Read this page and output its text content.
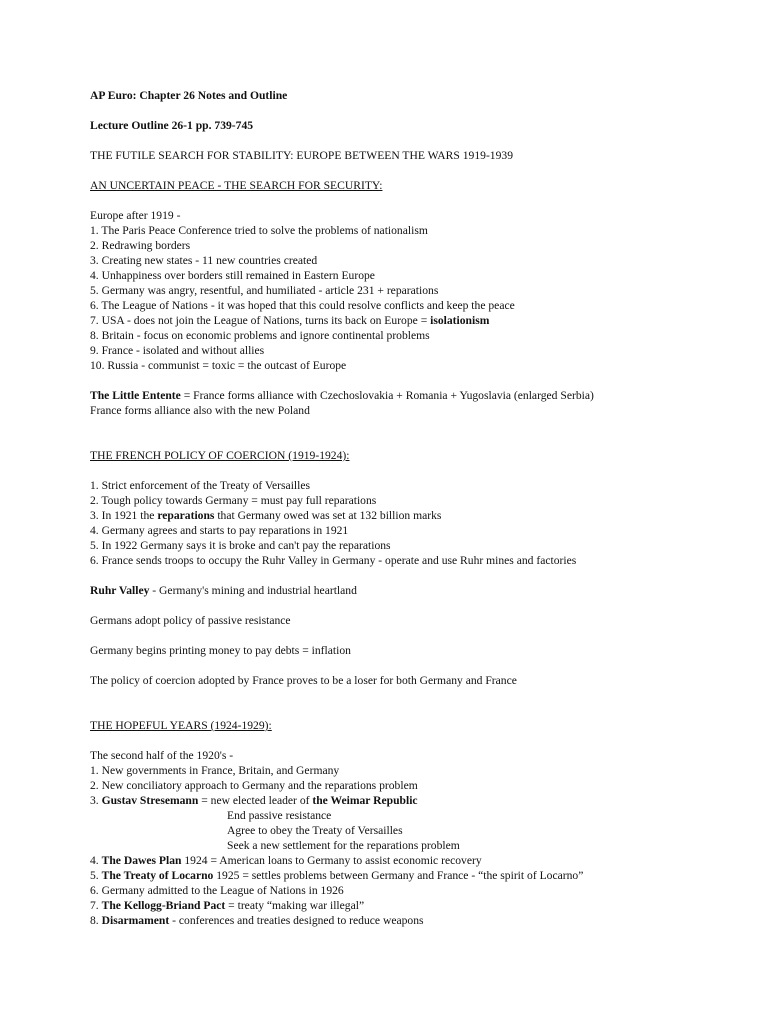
AP Euro: Chapter 26 Notes and Outline
Lecture Outline 26-1 pp. 739-745
THE FUTILE SEARCH FOR STABILITY: EUROPE BETWEEN THE WARS 1919-1939
AN UNCERTAIN PEACE - THE SEARCH FOR SECURITY:
Europe after 1919 -
1. The Paris Peace Conference tried to solve the problems of nationalism
2. Redrawing borders
3. Creating new states - 11 new countries created
4. Unhappiness over borders still remained in Eastern Europe
5. Germany was angry, resentful, and humiliated - article 231 + reparations
6. The League of Nations - it was hoped that this could resolve conflicts and keep the peace
7. USA - does not join the League of Nations, turns its back on Europe = isolationism
8. Britain - focus on economic problems and ignore continental problems
9. France - isolated and without allies
10. Russia - communist = toxic = the outcast of Europe
The Little Entente = France forms alliance with Czechoslovakia + Romania + Yugoslavia (enlarged Serbia)
France forms alliance also with the new Poland
THE FRENCH POLICY OF COERCION (1919-1924):
1. Strict enforcement of the Treaty of Versailles
2. Tough policy towards Germany = must pay full reparations
3. In 1921 the reparations that Germany owed was set at 132 billion marks
4. Germany agrees and starts to pay reparations in 1921
5. In 1922 Germany says it is broke and can't pay the reparations
6. France sends troops to occupy the Ruhr Valley in Germany - operate and use Ruhr mines and factories
Ruhr Valley - Germany's mining and industrial heartland
Germans adopt policy of passive resistance
Germany begins printing money to pay debts = inflation
The policy of coercion adopted by France proves to be a loser for both Germany and France
THE HOPEFUL YEARS (1924-1929):
The second half of the 1920's -
1. New governments in France, Britain, and Germany
2. New conciliatory approach to Germany and the reparations problem
3. Gustav Stresemann = new elected leader of the Weimar Republic
End passive resistance
Agree to obey the Treaty of Versailles
Seek a new settlement for the reparations problem
4. The Dawes Plan 1924 = American loans to Germany to assist economic recovery
5. The Treaty of Locarno 1925 = settles problems between Germany and France - “the spirit of Locarno”
6. Germany admitted to the League of Nations in 1926
7. The Kellogg-Briand Pact = treaty “making war illegal”
8. Disarmament - conferences and treaties designed to reduce weapons
